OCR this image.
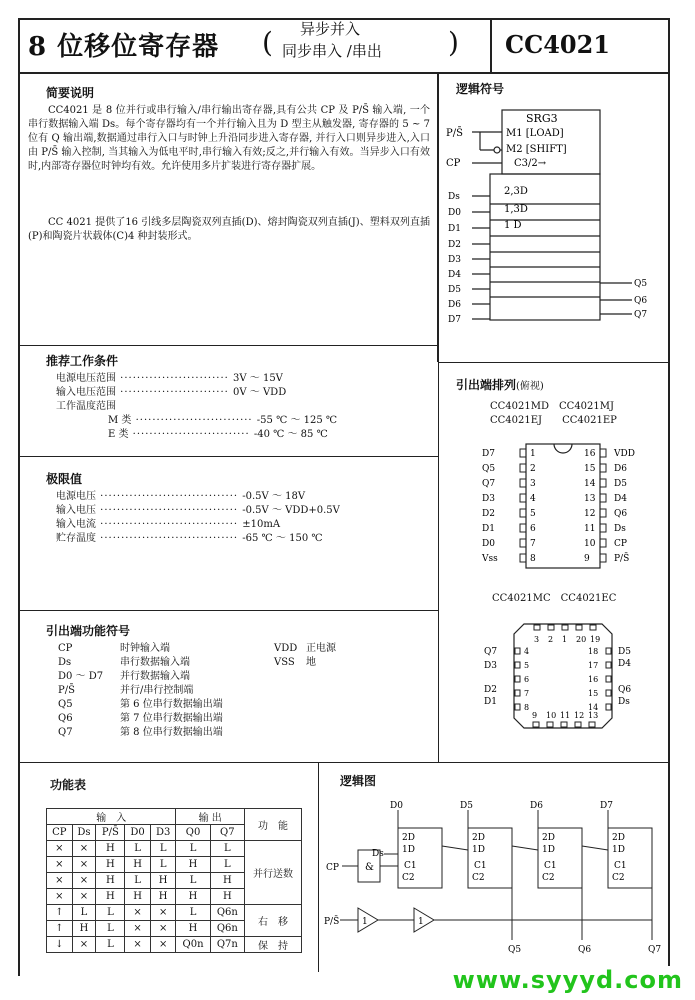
8 位移位寄存器 ( 异步并入
同步串入 /串出 ) CC4021
简要说明
CC4021 是 8 位并行或串行输入/串行输出寄存器,具有公共 CP 及 P/S̄ 输入端, 一个串行数据输入端 Ds。每个寄存器均有一个并行输入且为 D 型主从触发器, 寄存器的 5 ~ 7 位有 Q 输出端,数据通过串行入口与时钟上升沿同步进入寄存器, 并行入口则异步进入,入口由 P/S̄ 输入控制, 当其输入为低电平时,串行输入有效;反之,并行输入有效。当异步入口有效时,内部寄存器位时钟均有效。允许使用多片扩装进行寄存器扩展。
CC 4021 提供了16 引线多层陶瓷双列直插(D)、熔封陶瓷双列直插(J)、塑料双列直插(P)和陶瓷片状载体(C)4 种封装形式。
逻辑符号
SRG3
M1 [LOAD]
M2 [SHIFT]
C3/2→
P/S̄
CP
2,3D
1,3D
1 D
Ds
D0
D1
D2
D3
D4
D5
D6
D7
Q5
Q6
Q7
推荐工作条件
电源电压范围 ·························· 3V ～ 15V
输入电压范围 ·························· 0V ～ VDD
工作温度范围
M 类 ···························· -55 ℃ ～ 125 ℃
E 类 ···························· -40 ℃ ～ 85 ℃
极限值
电源电压 ································· -0.5V ～ 18V
输入电压 ································· -0.5V ～ VDD+0.5V
输入电流 ································· ±10mA
贮存温度 ································· -65 ℃ ～ 150 ℃
引出端功能符号
CP	时钟输入端
Ds	串行数据输入端
D0 ～ D7 并行数据输入端
P/S̄	并行/串行控制端
Q5	第 6 位串行数据输出端
Q6	第 7 位串行数据输出端
Q7	第 8 位串行数据输出端
VDD 正电源
VSS 地
引出端排列(俯视)
CC4021MD　 CC4021MJ
CC4021EJ　　 CC4021EP
D7	1
Q5	2
Q7	3
D3	4
D2	5
D1	6
D0	7
Vss	8
16 VDD
15 D6
14 D5
13 D4
12 Q6
11 Ds
10 CP
9	P/S̄
CC4021MC　 CC4021EC
3 2 1 20 19
9 10 11 12 13
4
5
6
7
8
18
17
16
15
14
Q7
D3
D2
D1
D5
D4
Q6
Ds
功能表
输　入					输 出		功　能
CP	Ds	P/S̄	D0	D3	Q0	Q7	
×	×	H	L	L	L	L	并行送数
×	×	H	H	L	H	L	
×	×	H	L	H	L	H	
×	×	H	H	H	H	H	
↑	L	L	×	×	L	Q6n	右　移
↑	H	L	×	×	H	Q6n	
↓	×	L	×	×	Q0n	Q7n	保　持
逻辑图
D0	D5	D6	D7
Ds
CP
P/S̄
&
1	1
2D
1D
C1
C2
2D
1D
C1
C2
2D
1D
C1
C2
2D
1D
C1
C2
Q5	Q6	Q7
www.syyyd.com
